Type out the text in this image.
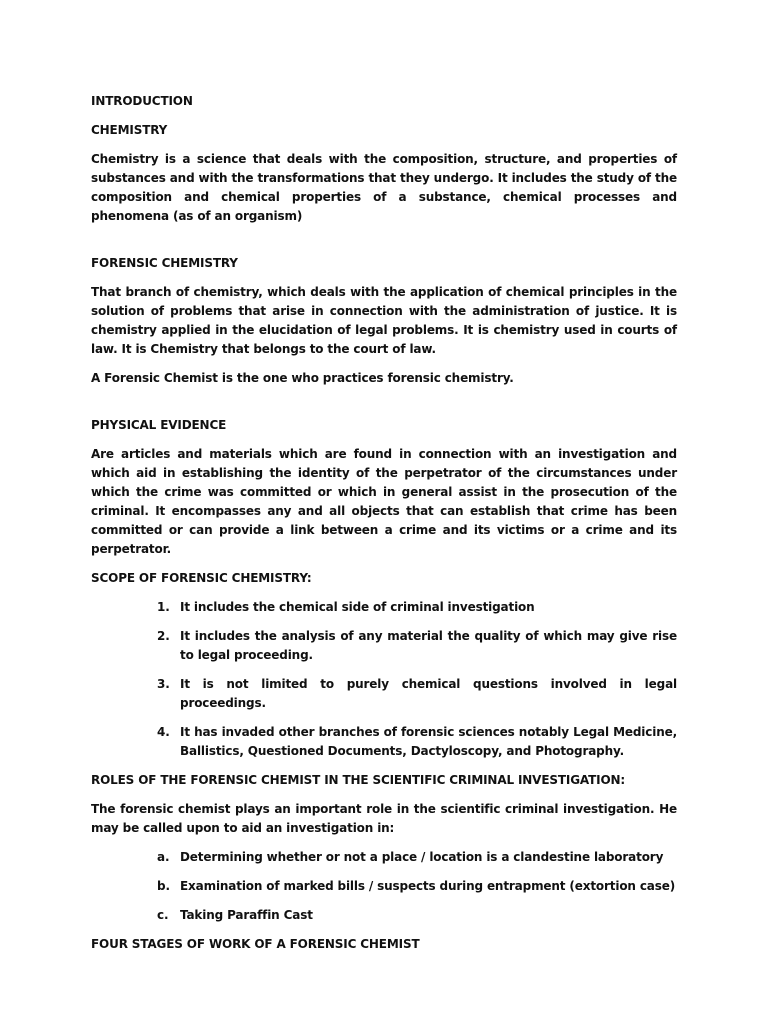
INTRODUCTION

CHEMISTRY

Chemistry is a science that deals with the composition, structure, and properties of substances and with the transformations that they undergo. It includes the study of the composition and chemical properties of a substance, chemical processes and phenomena (as of an organism)

FORENSIC CHEMISTRY

That branch of chemistry, which deals with the application of chemical principles in the solution of problems that arise in connection with the administration of justice. It is chemistry applied in the elucidation of legal problems. It is chemistry used in courts of law. It is Chemistry that belongs to the court of law.

A Forensic Chemist is the one who practices forensic chemistry.

PHYSICAL EVIDENCE

Are articles and materials which are found in connection with an investigation and which aid in establishing the identity of the perpetrator of the circumstances under which the crime was committed or which in general assist in the prosecution of the criminal. It encompasses any and all objects that can establish that crime has been committed or can provide a link between a crime and its victims or a crime and its perpetrator.

SCOPE OF FORENSIC CHEMISTRY:

1. It includes the chemical side of criminal investigation
2. It includes the analysis of any material the quality of which may give rise to legal proceeding.
3. It is not limited to purely chemical questions involved in legal proceedings.
4. It has invaded other branches of forensic sciences notably Legal Medicine, Ballistics, Questioned Documents, Dactyloscopy, and Photography.

ROLES OF THE FORENSIC CHEMIST IN THE SCIENTIFIC CRIMINAL INVESTIGATION:

The forensic chemist plays an important role in the scientific criminal investigation. He may be called upon to aid an investigation in:

a. Determining whether or not a place / location is a clandestine laboratory
b. Examination of marked bills / suspects during entrapment (extortion case)
c. Taking Paraffin Cast

FOUR STAGES OF WORK OF A FORENSIC CHEMIST
